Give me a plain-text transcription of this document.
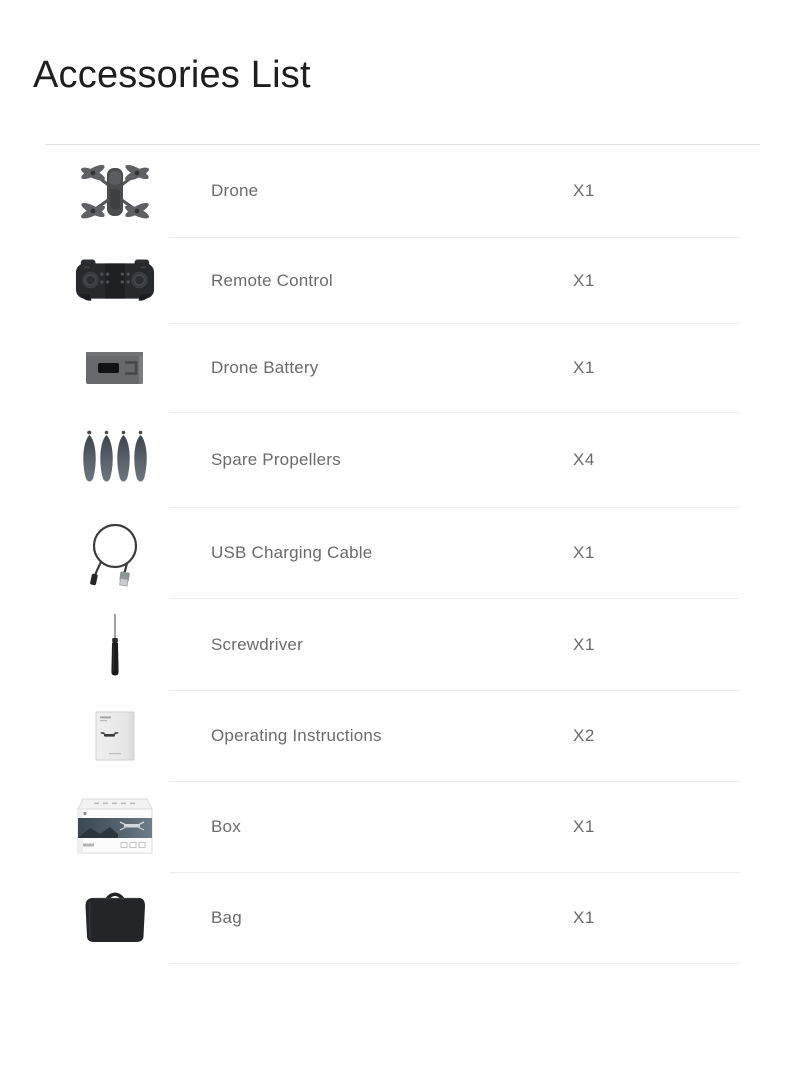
Accessories List
Drone	X1
Remote Control	X1
Drone Battery	X1
Spare Propellers	X4
USB Charging Cable	X1
Screwdriver	X1
Operating Instructions	X2
Box	X1
Bag	X1
